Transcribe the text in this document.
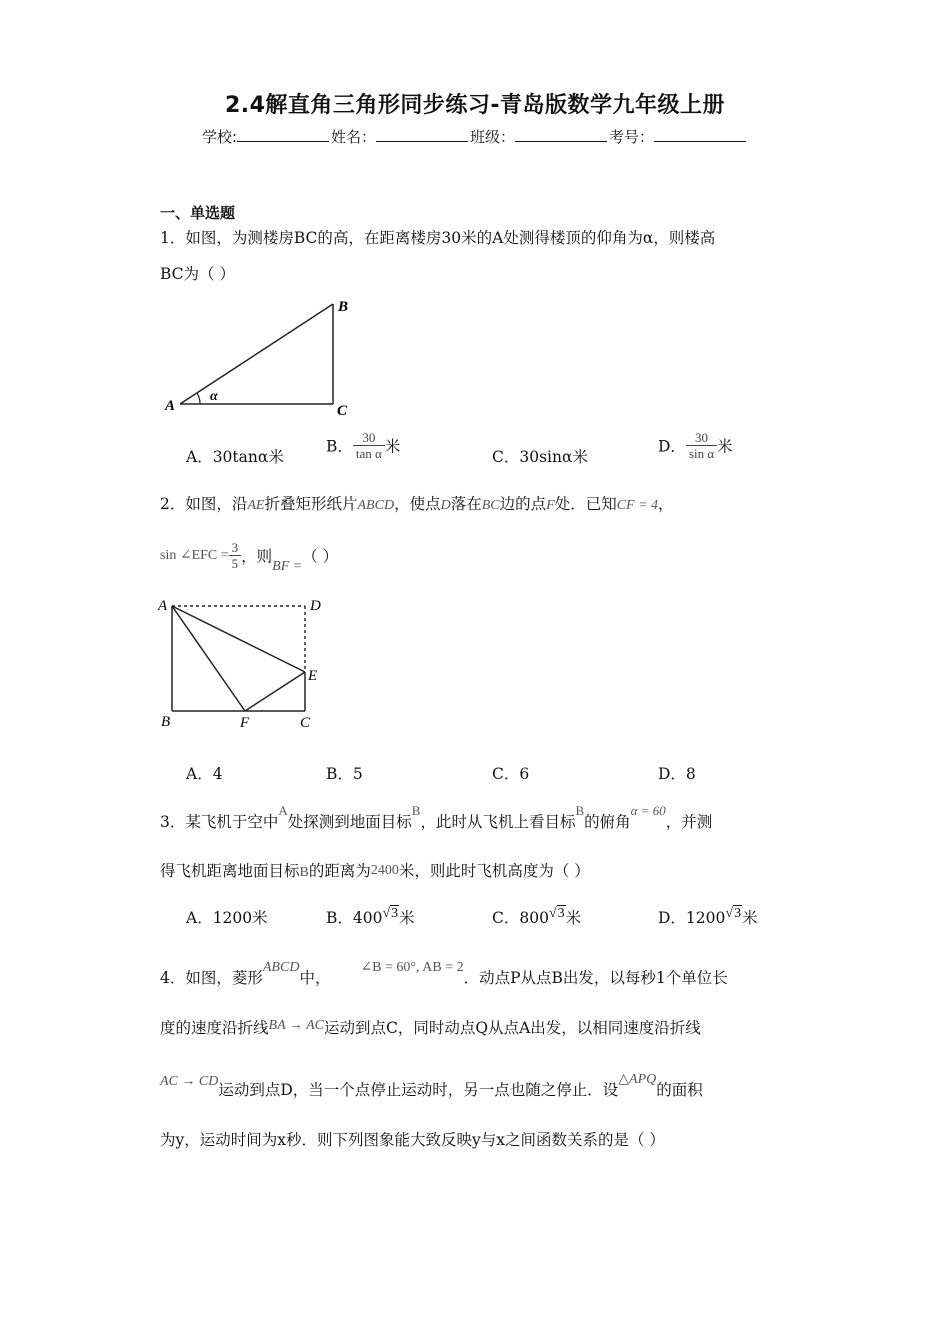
2.4解直角三角形同步练习-青岛版数学九年级上册
学校:	姓名：	班级：	考号：
一、单选题
1．如图，为测楼房BC的高，在距离楼房30米的A处测得楼顶的仰角为α，则楼高
BC为（ ）
A	C
B
α
A．30tanα米
B． $\frac{30}{\text{tan α}}$ 米
C．30sinα米
D． $\frac{30}{\text{sin α}}$ 米
2．如图，沿AE折叠矩形纸片ABCD，使点D落在BC边的点F处．已知CF = 4，
sin ∠EFC = $\frac{3}{5}$ ，则BF =（ ）
A	D
E
B	F	C
A．4	B．5	C．6	D．8
3．某飞机于空中$^A$处探测到地面目标$^B$，此时从飞机上看目标$^B$的俯角$^{\alpha = 60}$，并测
得飞机距离地面目标B的距离为2400米，则此时飞机高度为（ ）
A．1200米	B．400√3米	C．800√3米	D．1200√3米
4．如图，菱形ABCD中，∠B = 60°, AB = 2．动点P从点B出发，以每秒1个单位长
度的速度沿折线BA → AC运动到点C，同时动点Q从点A出发，以相同速度沿折线
AC → CD运动到点D，当一个点停止运动时，另一点也随之停止．设△APQ的面积
为y，运动时间为x秒．则下列图象能大致反映y与x之间函数关系的是（ ）
